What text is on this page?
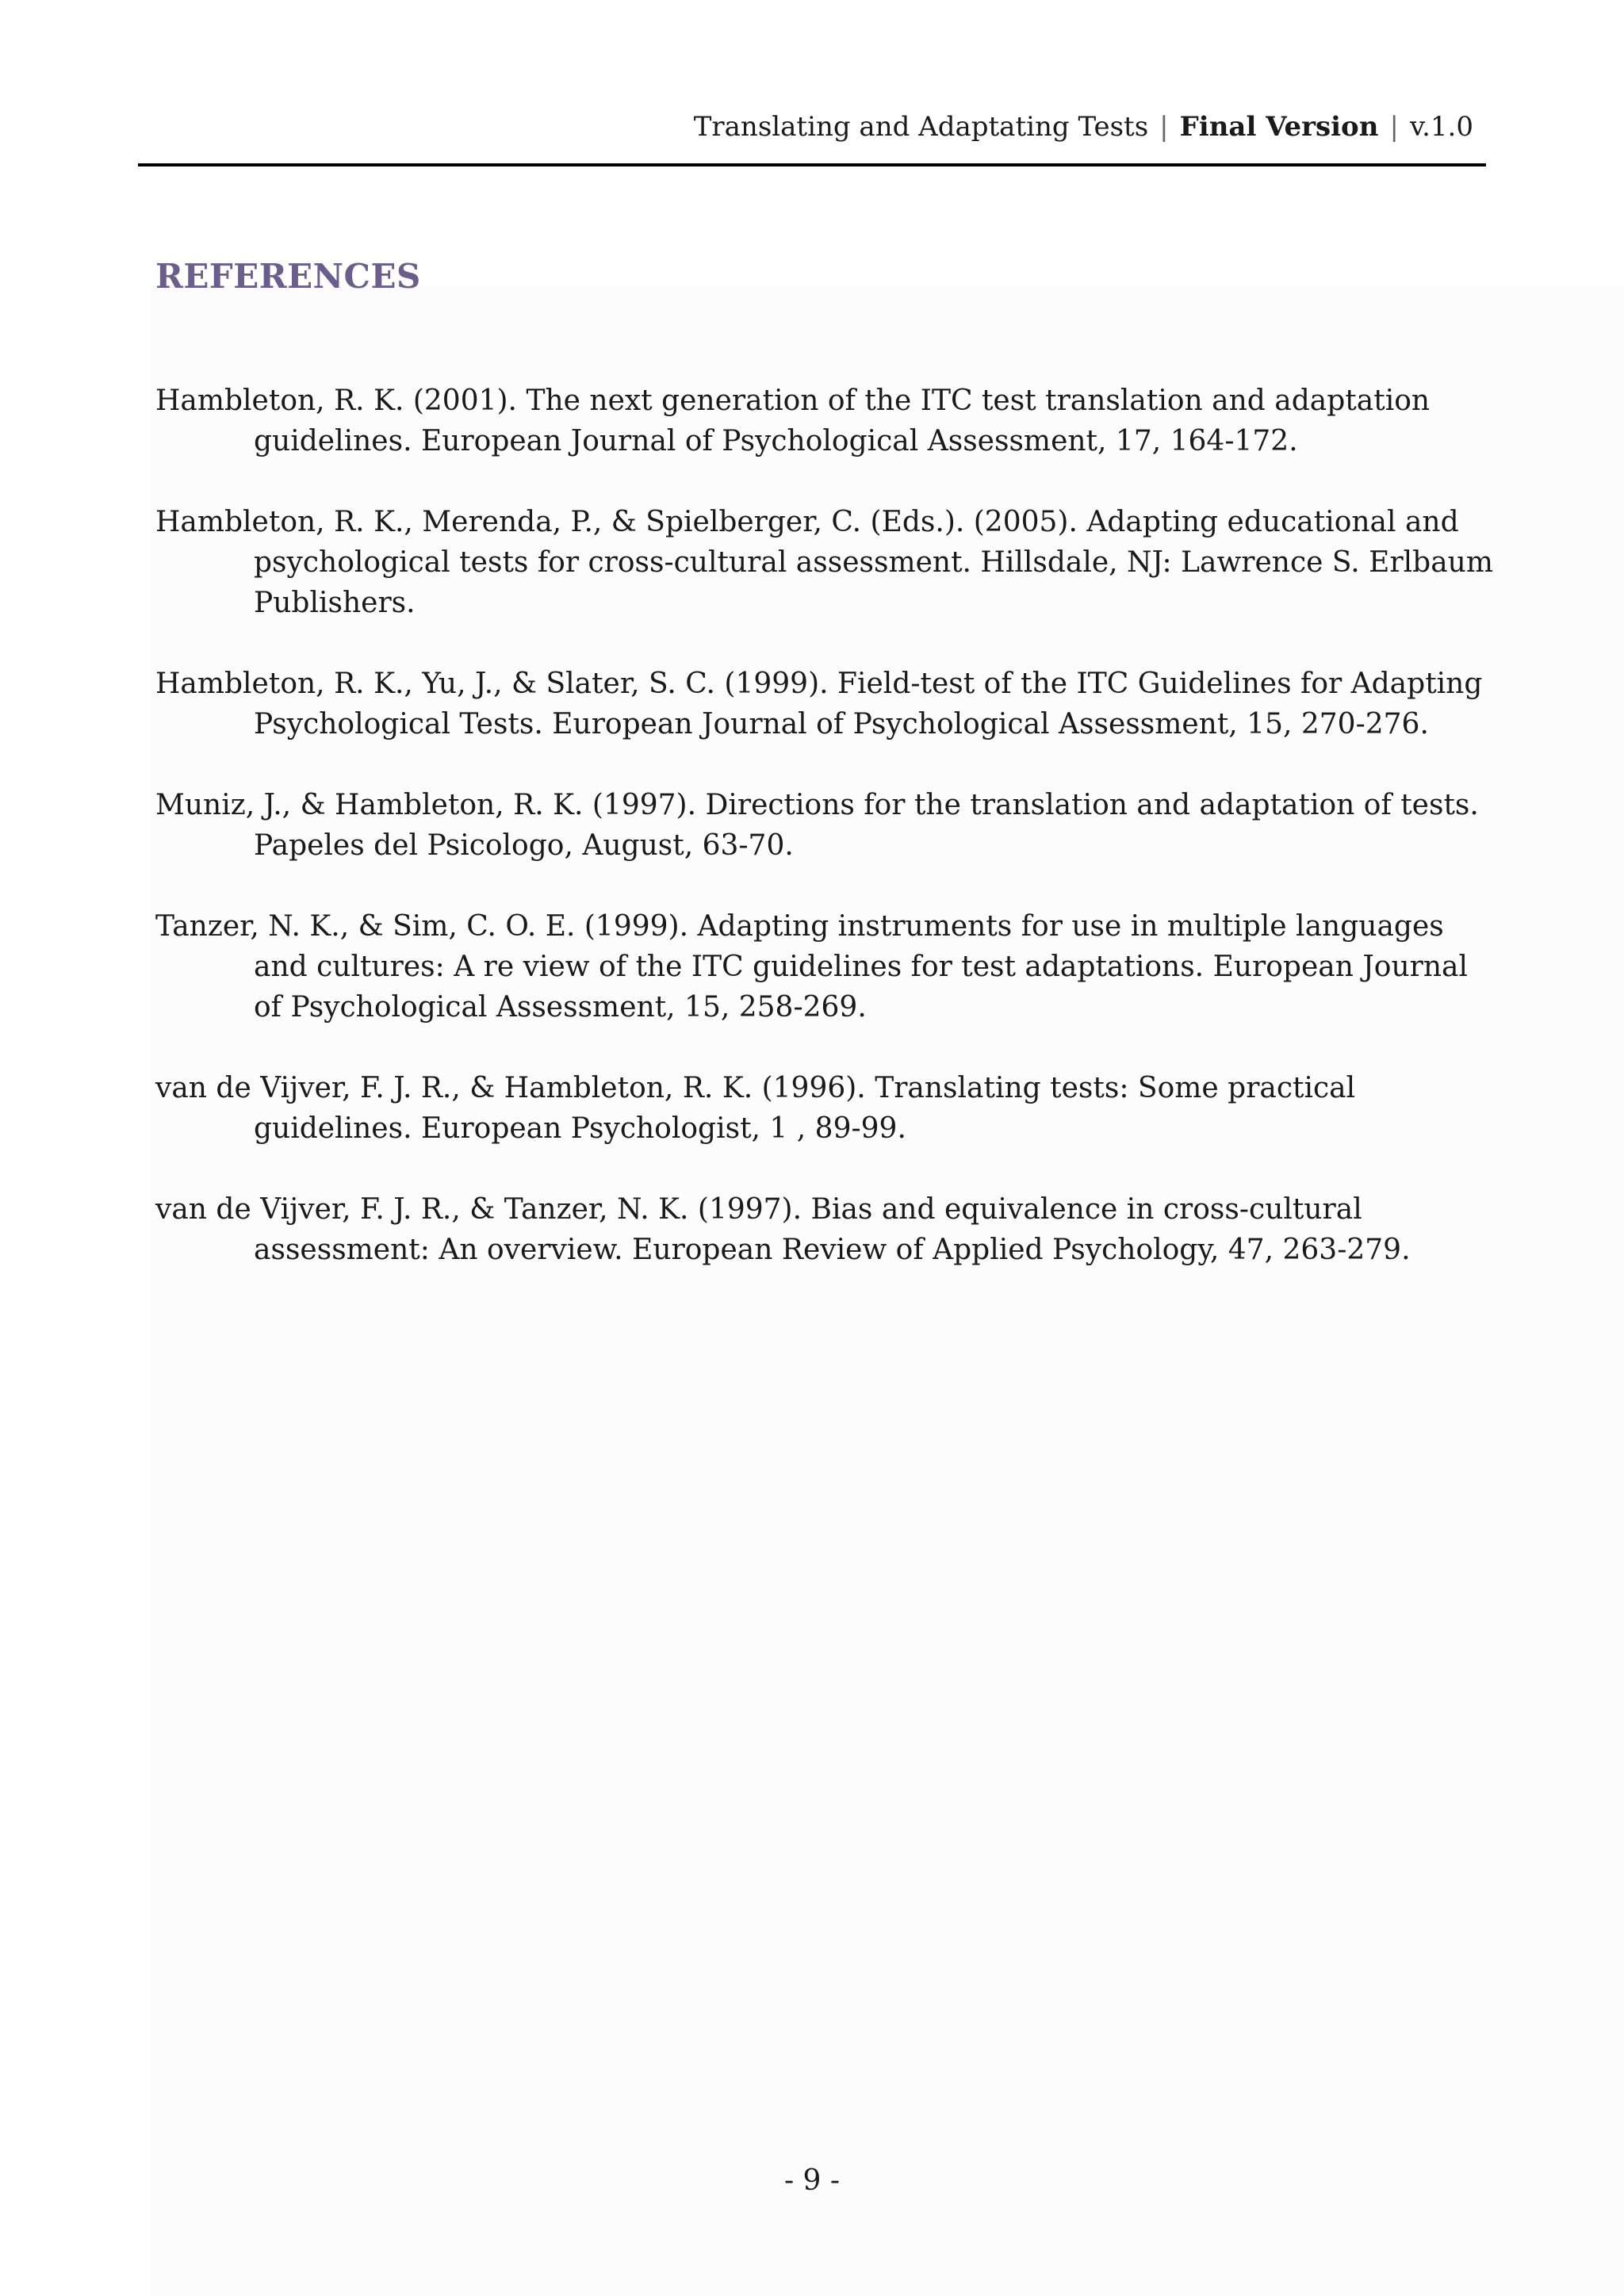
Translating and Adaptating Tests | Final Version | v.1.0
REFERENCES

Hambleton, R. K. (2001). The next generation of the ITC test translation and adaptation guidelines. European Journal of Psychological Assessment, 17, 164-172.

Hambleton, R. K., Merenda, P., & Spielberger, C. (Eds.). (2005). Adapting educational and psychological tests for cross-cultural assessment. Hillsdale, NJ: Lawrence S. Erlbaum Publishers.

Hambleton, R. K., Yu, J., & Slater, S. C. (1999). Field-test of the ITC Guidelines for Adapting Psychological Tests. European Journal of Psychological Assessment, 15, 270-276.

Muniz, J., & Hambleton, R. K. (1997). Directions for the translation and adaptation of tests. Papeles del Psicologo, August, 63-70.

Tanzer, N. K., & Sim, C. O. E. (1999). Adapting instruments for use in multiple languages and cultures: A re view of the ITC guidelines for test adaptations. European Journal of Psychological Assessment, 15, 258-269.

van de Vijver, F. J. R., & Hambleton, R. K. (1996). Translating tests: Some practical guidelines. European Psychologist, 1 , 89-99.

van de Vijver, F. J. R., & Tanzer, N. K. (1997). Bias and equivalence in cross-cultural assessment: An overview. European Review of Applied Psychology, 47, 263-279.

- 9 -
